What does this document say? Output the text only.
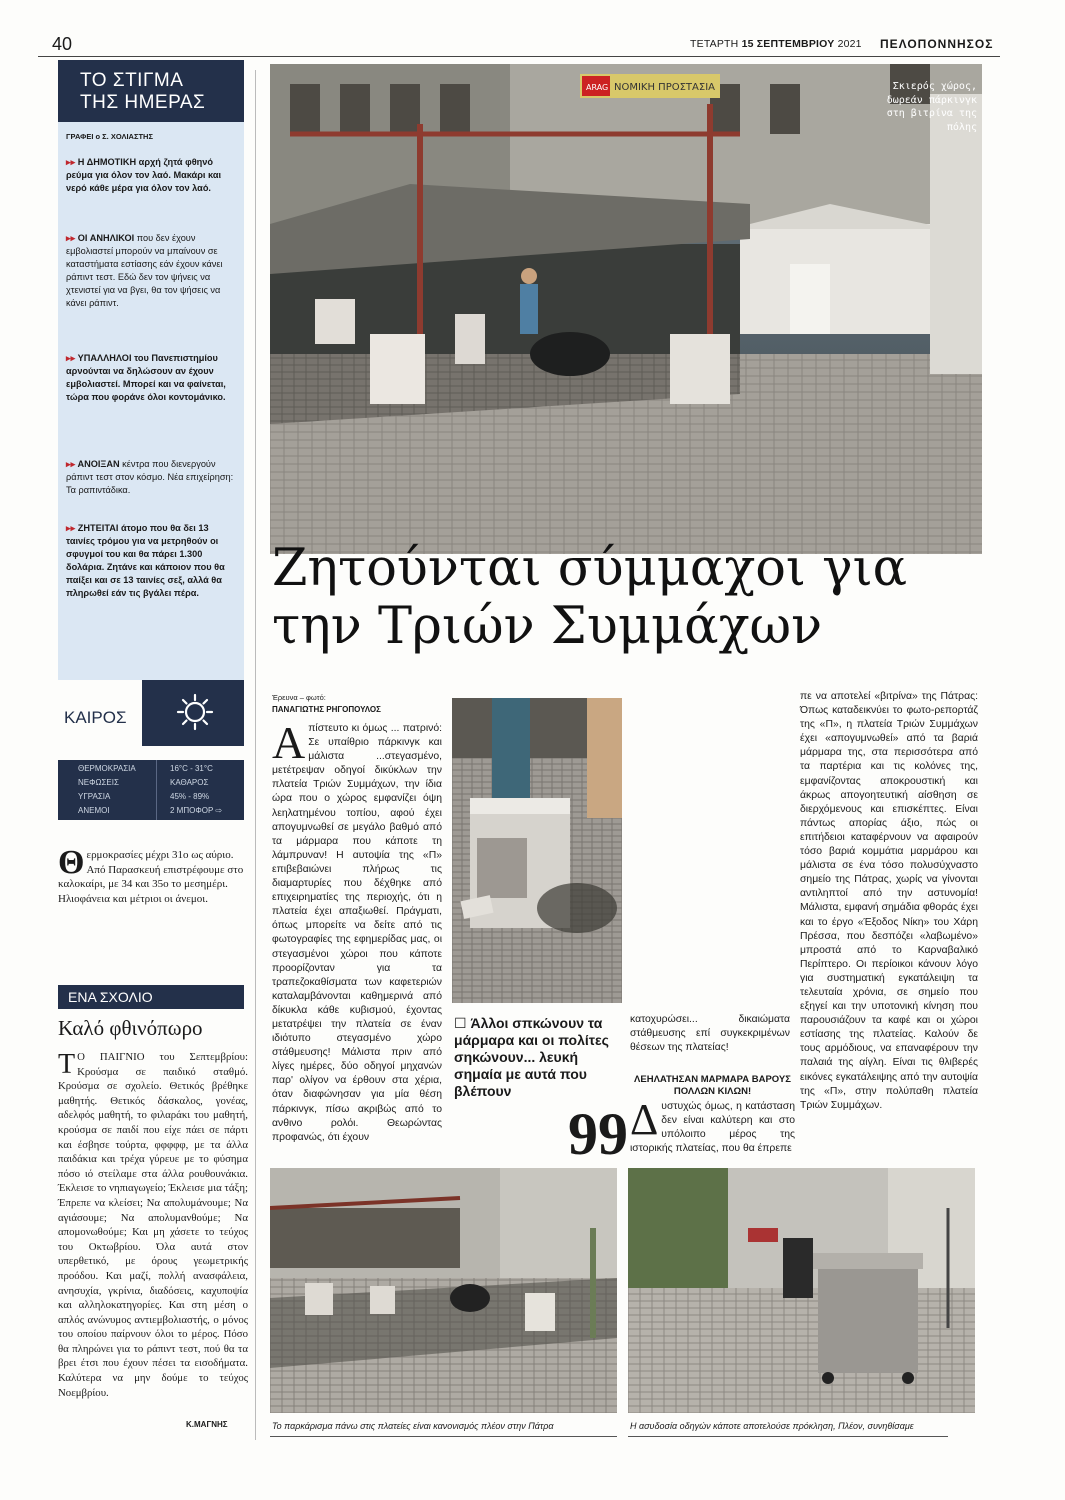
40	ΤΕΤΑΡΤΗ 15 ΣΕΠΤΕΜΒΡΙΟΥ 2021 ΠΕΛΟΠΟΝΝΗΣΟΣ
ΤΟ ΣΤΙΓΜΑ
ΤΗΣ ΗΜΕΡΑΣ
ΓΡΑΦΕΙ ο Σ. ΧΟΛΙΑΣΤΗΣ
▸▸ Η ΔΗΜΟΤΙΚΗ αρχή ζητά φθηνό ρεύμα για όλον τον λαό. Μακάρι και νερό κάθε μέρα για όλον τον λαό.
▸▸ ΟΙ ΑΝΗΛΙΚΟΙ που δεν έχουν εμβολιαστεί μπορούν να μπαίνουν σε καταστήματα εστίασης εάν έχουν κάνει ράπιντ τεστ. Εδώ δεν τον ψήνεις να χτενιστεί για να βγει, θα τον ψήσεις να κάνει ράπιντ.
▸▸ ΥΠΑΛΛΗΛΟΙ του Πανεπιστημίου αρνούνται να δηλώσουν αν έχουν εμβολιαστεί. Μπορεί και να φαίνεται, τώρα που φοράνε όλοι κοντομάνικο.
▸▸ ΑΝΟΙΞΑΝ κέντρα που διενεργούν ράπιντ τεστ στον κόσμο. Νέα επιχείρηση: Τα ραπιντάδικα.
▸▸ ΖΗΤΕΙΤΑΙ άτομο που θα δει 13 ταινίες τρόμου για να μετρηθούν οι σφυγμοί του και θα πάρει 1.300 δολάρια. Ζητάνε και κάποιον που θα παίξει και σε 13 ταινίες σεξ, αλλά θα πληρωθεί εάν τις βγάλει πέρα.
ΚΑΙΡΟΣ
ΘΕΡΜΟΚΡΑΣΙΑ	16°C - 31°C
ΝΕΦΩΣΕΙΣ	ΚΑΘΑΡΟΣ
ΥΓΡΑΣΙΑ	45% - 89%
ΑΝΕΜΟΙ	2 ΜΠΟΦΟΡ ⇨
Θερμοκρασίες μέχρι 31ο ως αύριο. Από Παρασκευή επιστρέφουμε στο καλοκαίρι, με 34 και 35ο το μεσημέρι. Ηλιοφάνεια και μέτριοι οι άνεμοι.
ΕΝΑ ΣΧΟΛΙΟ
Καλό φθινόπωρο
Τ Ο ΠΑΙΓΝΙΟ του Σεπτεμβρίου: Κρούσμα σε παιδικό σταθμό. Κρούσμα σε σχολείο. Θετικός βρέθηκε μαθητής. Θετικός δάσκαλος, γονέας, αδελφός μαθητή, το φιλαράκι του μαθητή, κρούσμα σε παιδί που είχε πάει σε πάρτι και έσβησε τούρτα, φφφφφ, με τα άλλα παιδάκια και τρέχα γύρευε με το φύσημα πόσο ιό στείλαμε στα άλλα ρουθουνάκια. Έκλεισε το νηπιαγωγείο; Έκλεισε μια τάξη; Έπρεπε να κλείσει; Να απολυμάνουμε; Να αγιάσουμε; Να απολυμανθούμε; Να απομονωθούμε; Και μη χάσετε το τεύχος του Οκτωβρίου. Όλα αυτά στον υπερθετικό, με όρους γεωμετρικής προόδου. Και μαζί, πολλή ανασφάλεια, ανησυχία, γκρίνια, διαδόσεις, καχυποψία και αλληλοκατηγορίες. Και στη μέση ο απλός ανώνυμος αντιεμβολιαστής, ο μόνος του οποίου παίρνουν όλοι το μέρος. Πόσο θα πληρώνει για το ράπιντ τεστ, πού θα τα βρει έτσι που έχουν πέσει τα εισοδήματα. Καλύτερα να μην δούμε το τεύχος Νοεμβρίου.
Κ.ΜΑΓΝΗΣ
ARAG ΝΟΜΙΚΗ ΠΡΟΣΤΑΣΙΑ	Σκιερός χώρος, δωρεάν πάρκινγκ στη βιτρίνα της πόλης
Ζητούνται σύμμαχοι για την Τριών Συμμάχων
Έρευνα – φωτό:
ΠΑΝΑΓΙΩΤΗΣ ΡΗΓΟΠΟΥΛΟΣ
Απίστευτο κι όμως ... πατρινό: Σε υπαίθριο πάρκινγκ και μάλιστα ...στεγασμένο, μετέτρεψαν οδηγοί δικύκλων την πλατεία Τριών Συμμάχων, την ίδια ώρα που ο χώρος εμφανίζει όψη λεηλατημένου τοπίου, αφού έχει απογυμνωθεί σε μεγάλο βαθμό από τα μάρμαρα που κάποτε τη λάμπρυναν! Η αυτοψία της «Π» επιβεβαιώνει πλήρως τις διαμαρτυρίες που δέχθηκε από επιχειρηματίες της περιοχής, ότι η πλατεία έχει απαξιωθεί. Πράγματι, όπως μπορείτε να δείτε από τις φωτογραφίες της εφημερίδας μας, οι στεγασμένοι χώροι που κάποτε προορίζονταν για τα τραπεζοκαθίσματα των καφετεριών καταλαμβάνονται καθημερινά από δίκυκλα κάθε κυβισμού, έχοντας μετατρέψει την πλατεία σε έναν ιδιότυπο στεγασμένο χώρο στάθμευσης! Μάλιστα πριν από λίγες ημέρες, δύο οδηγοί μηχανών παρ' ολίγον να έρθουν στα χέρια, όταν διαφώνησαν για μία θέση πάρκινγκ, πίσω ακριβώς από το ανθινο ρολόι. Θεωρώντας προφανώς, ότι έχουν
☐ Άλλοι σπκώνουν τα μάρμαρα και οι πολίτες σηκώνουν... λευκή σημαία με αυτά που βλέπουν
99
κατοχυρώσει... δικαιώματα στάθμευσης επί συγκεκριμένων θέσεων της πλατείας!
ΛΕΗΛΑΤΗΣΑΝ ΜΑΡΜΑΡΑ ΒΑΡΟΥΣ ΠΟΛΛΩΝ ΚΙΛΩΝ!
Δυστυχώς όμως, η κατάσταση δεν είναι καλύτερη και στο υπόλοιπο μέρος της ιστορικής πλατείας, που θα έπρεπε
πε να αποτελεί «βιτρίνα» της Πάτρας: Όπως καταδεικνύει το φωτο-ρεπορτάζ της «Π», η πλατεία Τριών Συμμάχων έχει «απογυμνωθεί» από τα βαριά μάρμαρα της, στα περισσότερα από τα παρτέρια και τις κολόνες της, εμφανίζοντας αποκρουστική και άκρως απογοητευτική αίσθηση σε διερχόμενους και επισκέπτες. Είναι πάντως απορίας άξιο, πώς οι επιτήδειοι καταφέρνουν να αφαιρούν τόσο βαριά κομμάτια μαρμάρου και μάλιστα σε ένα τόσο πολυσύχναστο σημείο της Πάτρας, χωρίς να γίνονται αντιληπτοί από την αστυνομία! Μάλιστα, εμφανή σημάδια φθοράς έχει και το έργο «Έξοδος Νίκη» του Χάρη Πρέσσα, που δεσπόζει «λαβωμένο» μπροστά από το Καρναβαλικό Περίπτερο. Οι περίοικοι κάνουν λόγο για συστηματική εγκατάλειψη τα τελευταία χρόνια, σε σημείο που εξηγεί και την υποτονική κίνηση που παρουσιάζουν τα καφέ και οι χώροι εστίασης της πλατείας. Καλούν δε τους αρμόδιους, να επαναφέρουν την παλαιά της αίγλη. Είναι τις θλιβερές εικόνες εγκατάλειψης από την αυτοψία της «Π», στην πολύπαθη πλατεία Τριών Συμμάχων.
Το παρκάρισμα πάνω στις πλατείες είναι κανονισμός πλέον στην Πάτρα	Η ασυδοσία οδηγών κάποτε αποτελούσε πρόκληση, Πλέον, συνηθίσαμε
